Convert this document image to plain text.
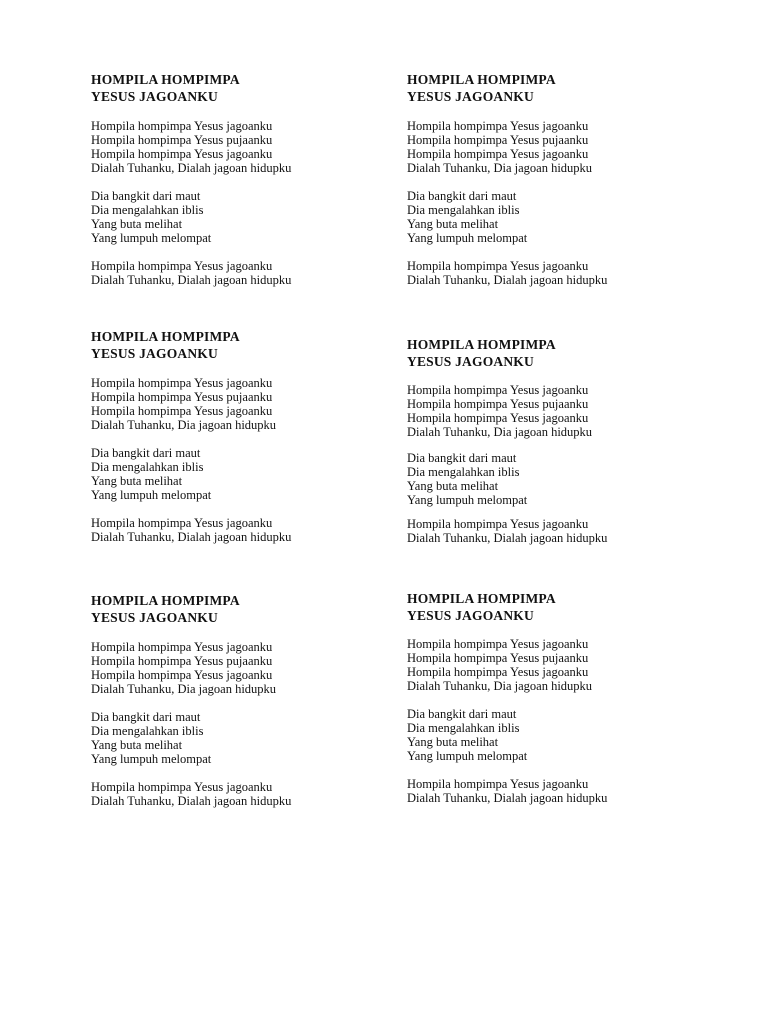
HOMPILA HOMPIMPA
YESUS JAGOANKU

Hompila hompimpa Yesus jagoanku
Hompila hompimpa Yesus pujaanku
Hompila hompimpa Yesus jagoanku
Dialah Tuhanku, Dialah jagoan hidupku

Dia bangkit dari maut
Dia mengalahkan iblis
Yang buta melihat
Yang lumpuh melompat

Hompila hompimpa Yesus jagoanku
Dialah Tuhanku, Dialah jagoan hidupku

HOMPILA HOMPIMPA
YESUS JAGOANKU

Hompila hompimpa Yesus jagoanku
Hompila hompimpa Yesus pujaanku
Hompila hompimpa Yesus jagoanku
Dialah Tuhanku, Dia jagoan hidupku

Dia bangkit dari maut
Dia mengalahkan iblis
Yang buta melihat
Yang lumpuh melompat

Hompila hompimpa Yesus jagoanku
Dialah Tuhanku, Dialah jagoan hidupku

HOMPILA HOMPIMPA
YESUS JAGOANKU

Hompila hompimpa Yesus jagoanku
Hompila hompimpa Yesus pujaanku
Hompila hompimpa Yesus jagoanku
Dialah Tuhanku, Dia jagoan hidupku

Dia bangkit dari maut
Dia mengalahkan iblis
Yang buta melihat
Yang lumpuh melompat

Hompila hompimpa Yesus jagoanku
Dialah Tuhanku, Dialah jagoan hidupku

HOMPILA HOMPIMPA
YESUS JAGOANKU

Hompila hompimpa Yesus jagoanku
Hompila hompimpa Yesus pujaanku
Hompila hompimpa Yesus jagoanku
Dialah Tuhanku, Dia jagoan hidupku

Dia bangkit dari maut
Dia mengalahkan iblis
Yang buta melihat
Yang lumpuh melompat

Hompila hompimpa Yesus jagoanku
Dialah Tuhanku, Dialah jagoan hidupku

HOMPILA HOMPIMPA
YESUS JAGOANKU

Hompila hompimpa Yesus jagoanku
Hompila hompimpa Yesus pujaanku
Hompila hompimpa Yesus jagoanku
Dialah Tuhanku, Dia jagoan hidupku

Dia bangkit dari maut
Dia mengalahkan iblis
Yang buta melihat
Yang lumpuh melompat

Hompila hompimpa Yesus jagoanku
Dialah Tuhanku, Dialah jagoan hidupku

HOMPILA HOMPIMPA
YESUS JAGOANKU

Hompila hompimpa Yesus jagoanku
Hompila hompimpa Yesus pujaanku
Hompila hompimpa Yesus jagoanku
Dialah Tuhanku, Dia jagoan hidupku

Dia bangkit dari maut
Dia mengalahkan iblis
Yang buta melihat
Yang lumpuh melompat

Hompila hompimpa Yesus jagoanku
Dialah Tuhanku, Dialah jagoan hidupku
